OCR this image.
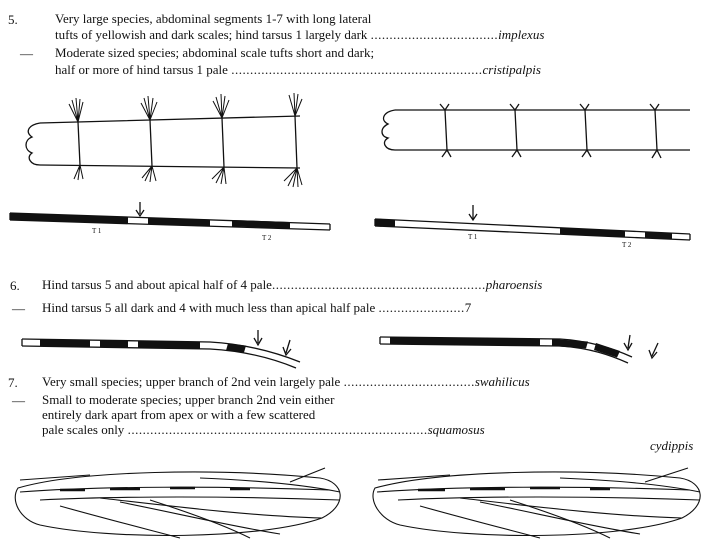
5.	Very large species, abdominal segments 1-7 with long lateral
tufts of yellowish and dark scales; hind tarsus 1 largely dark ..................................implexus
— Moderate sized species; abdominal scale tufts short and dark;
half or more of hind tarsus 1 pale ...................................................................cristipalpis
6. Hind tarsus 5 and about apical half of 4 pale.........................................................pharoensis
— Hind tarsus 5 all dark and 4 with much less than apical half pale .......................7
7. Very small species; upper branch of 2nd vein largely pale ...................................swahilicus
— Small to moderate species; upper branch 2nd vein either
entirely dark apart from apex or with a few scattered
pale scales only ................................................................................squamosus
cydippis
T 1
T 2	T 1
T 2
